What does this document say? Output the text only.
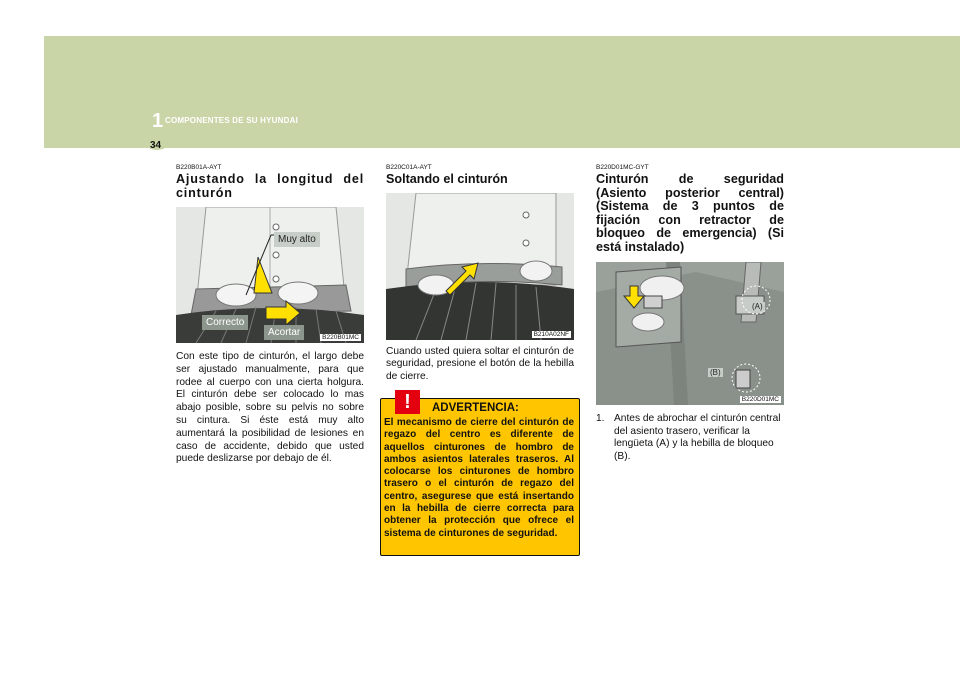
1 COMPONENTES DE SU HYUNDAI
34
B220B01A-AYT
Ajustando la longitud del cinturón
Muy alto
Correcto
Acortar	B220B01MC
Con este tipo de cinturón, el largo debe ser ajustado manualmente, para que rodee al cuerpo con una cierta holgura. El cinturón debe ser colocado lo mas abajo posible, sobre su pelvis no sobre su cintura. Si éste está muy alto aumentará la posibilidad de lesiones en caso de accidente, debido que usted puede deslizarse por debajo de él.
B220C01A-AYT
Soltando el cinturón
B210A02NF
Cuando usted quiera soltar el cinturón de seguridad, presione el botón de la hebilla de cierre.
!	ADVERTENCIA:
El mecanismo de cierre del cinturón de regazo del centro es diferente de aquellos cinturones de hombro de ambos asientos laterales traseros. Al colocarse los cinturones de hombro trasero o el cinturón de regazo del centro, asegurese que está insertando en la hebilla de cierre correcta para obtener la protección que ofrece el sistema de cinturones de seguridad.
B220D01MC-GYT
Cinturón de seguridad (Asiento posterior central) (Sistema de 3 puntos de fijación con retractor de bloqueo de emergencia) (Si está instalado)
(A)
(B)
B220D01MC
1. Antes de abrochar el cinturón central del asiento trasero, verificar la lengüeta (A) y la hebilla de bloqueo (B).
